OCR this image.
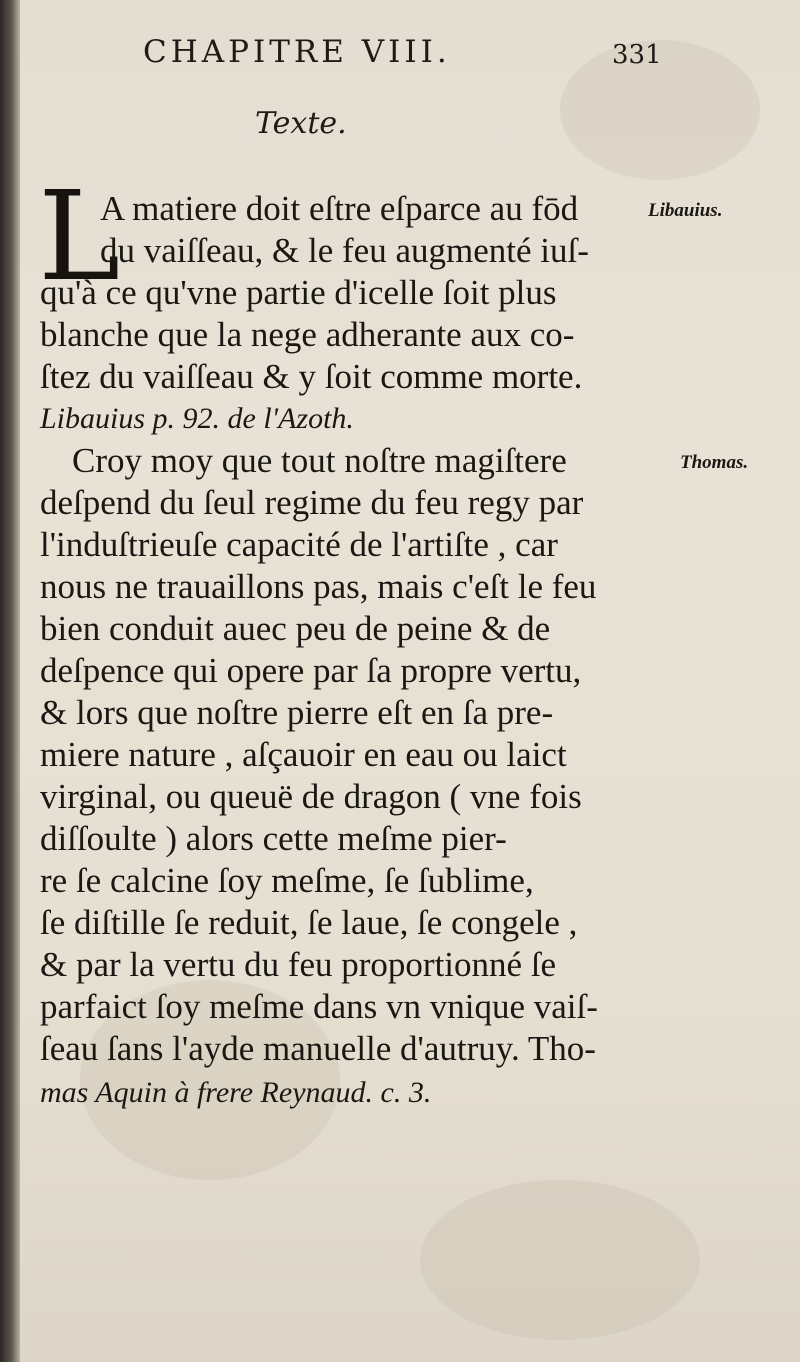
CHAPITRE VIII.	331
Texte.
L
A matiere doit eſtre eſparce au fōd
du vaiſſeau, & le feu augmenté iuſ-
qu'à ce qu'vne partie d'icelle ſoit plus
blanche que la nege adherante aux co-
ſtez du vaiſſeau & y ſoit comme morte.
Libauius p. 92. de l'Azoth.
Croy moy que tout noſtre magiſtere
deſpend du ſeul regime du feu regy par
l'induſtrieuſe capacité de l'artiſte , car
nous ne trauaillons pas, mais c'eſt le feu
bien conduit auec peu de peine & de
deſpence qui opere par ſa propre vertu,
& lors que noſtre pierre eſt en ſa pre-
miere nature , aſçauoir en eau ou laict
virginal, ou queuë de dragon ( vne fois
diſſoulte ) alors cette meſme pier-
re ſe calcine ſoy meſme, ſe ſublime,
ſe diſtille ſe reduit, ſe laue, ſe congele ,
& par la vertu du feu proportionné ſe
parfaict ſoy meſme dans vn vnique vaiſ-
ſeau ſans l'ayde manuelle d'autruy. Tho-
mas Aquin à frere Reynaud. c. 3.
Libauius.
Thomas.
